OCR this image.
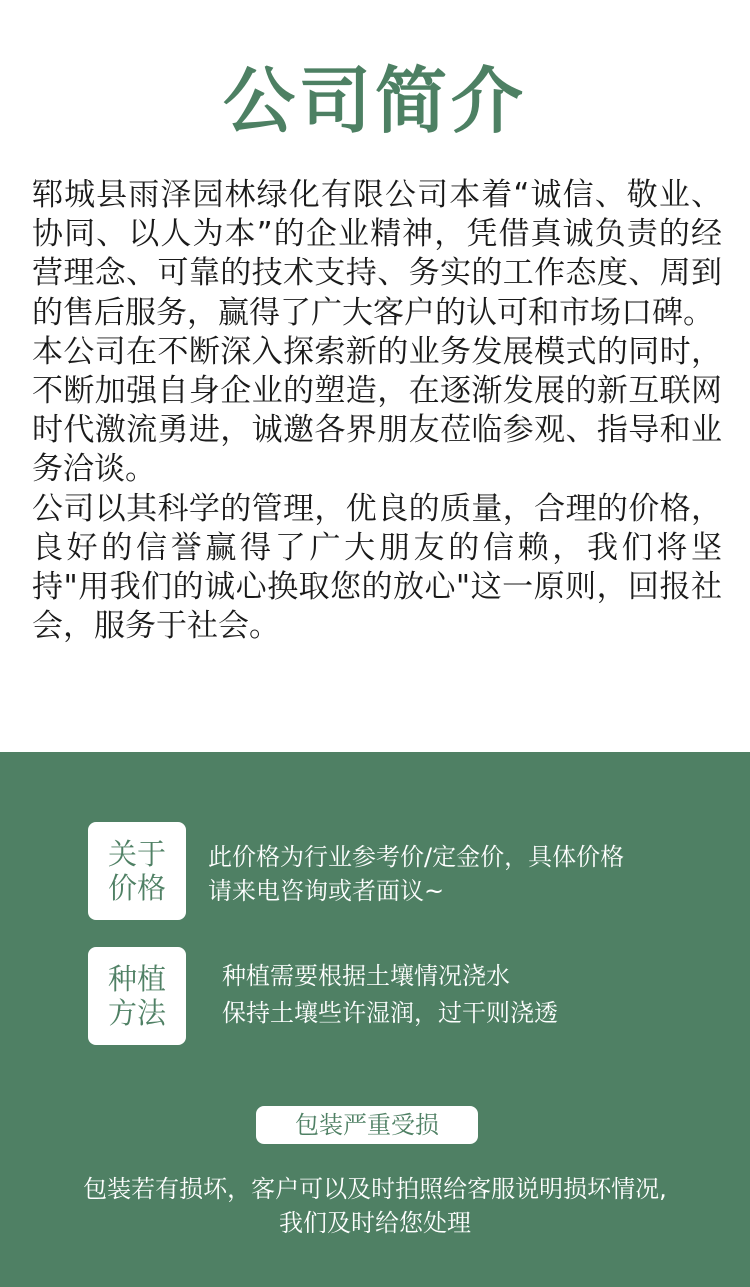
公司简介

郓城县雨泽园林绿化有限公司本着“诚信、敬业、协同、以人为本”的企业精神，凭借真诚负责的经营理念、可靠的技术支持、务实的工作态度、周到的售后服务，赢得了广大客户的认可和市场口碑。

本公司在不断深入探索新的业务发展模式的同时，不断加强自身企业的塑造，在逐渐发展的新互联网时代激流勇进，诚邀各界朋友莅临参观、指导和业务洽谈。

公司以其科学的管理，优良的质量，合理的价格，良好的信誉赢得了广大朋友的信赖，我们将坚持"用我们的诚心换取您的放心"这一原则，回报社会，服务于社会。

关于
价格
此价格为行业参考价/定金价，具体价格
请来电咨询或者面议~
种植
方法
种植需要根据土壤情况浇水
保持土壤些许湿润，过干则浇透
包装严重受损
包装若有损坏，客户可以及时拍照给客服说明损坏情况,
我们及时给您处理
